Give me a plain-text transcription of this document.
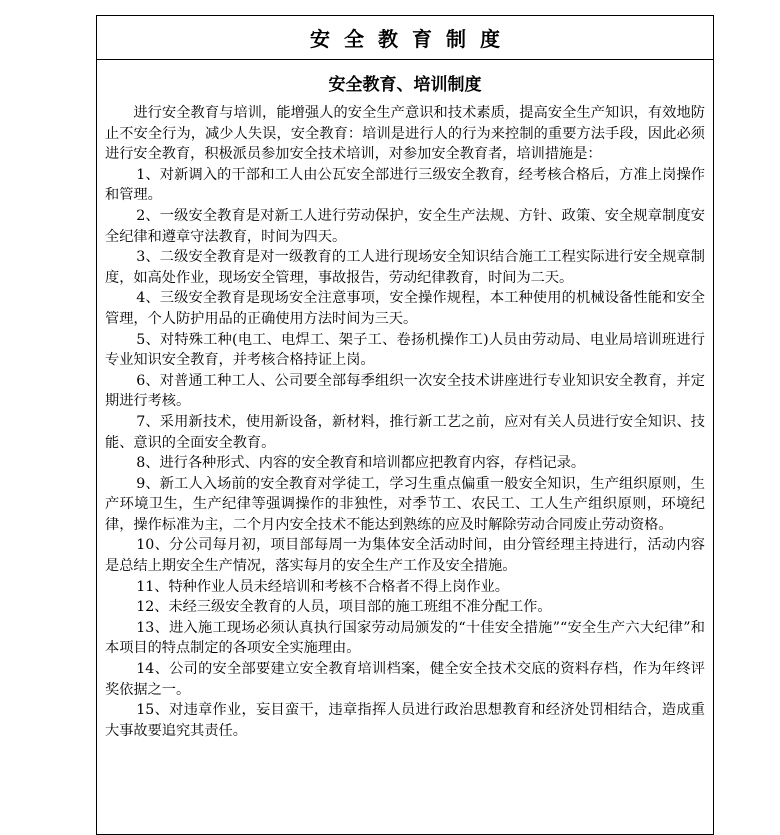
安全教育制度
安全教育、培训制度

进行安全教育与培训，能增强人的安全生产意识和技术素质，提高安全生产知识，有效地防止不安全行为，减少人失误，安全教育：培训是进行人的行为来控制的重要方法手段，因此必须进行安全教育，积极派员参加安全技术培训，对参加安全教育者，培训措施是：

1、对新调入的干部和工人由公瓦安全部进行三级安全教育，经考核合格后，方准上岗操作和管理。

2、一级安全教育是对新工人进行劳动保护，安全生产法规、方针、政策、安全规章制度安全纪律和遵章守法教育，时间为四天。

3、二级安全教育是对一级教育的工人进行现场安全知识结合施工工程实际进行安全规章制度，如高处作业，现场安全管理，事故报告，劳动纪律教育，时间为二天。

4、三级安全教育是现场安全注意事项，安全操作规程，本工种使用的机械设备性能和安全管理，个人防护用品的正确使用方法时间为三天。

5、对特殊工种(电工、电焊工、架子工、卷扬机操作工)人员由劳动局、电业局培训班进行专业知识安全教育，并考核合格持证上岗。

6、对普通工种工人、公司要全部每季组织一次安全技术讲座进行专业知识安全教育，并定期进行考核。

7、采用新技术，使用新设备，新材料，推行新工艺之前，应对有关人员进行安全知识、技能、意识的全面安全教育。

8、进行各种形式、内容的安全教育和培训都应把教育内容，存档记录。

9、新工人入场前的安全教育对学徒工，学习生重点偏重一般安全知识，生产组织原则，生产环境卫生，生产纪律等强调操作的非独性，对季节工、农民工、工人生产组织原则，环境纪律，操作标准为主，二个月内安全技术不能达到熟练的应及时解除劳动合同废止劳动资格。

10、分公司每月初，项目部每周一为集体安全活动时间，由分管经理主持进行，活动内容是总结上期安全生产情况，落实每月的安全生产工作及安全措施。

11、特种作业人员未经培训和考核不合格者不得上岗作业。

12、未经三级安全教育的人员，项目部的施工班组不准分配工作。

13、进入施工现场必须认真执行国家劳动局颁发的“十佳安全措施”“安全生产六大纪律”和本项目的特点制定的各项安全实施理由。

14、公司的安全部要建立安全教育培训档案，健全安全技术交底的资料存档，作为年终评奖依据之一。

15、对违章作业，妄目蛮干，违章指挥人员进行政治思想教育和经济处罚相结合，造成重大事故要追究其责任。
